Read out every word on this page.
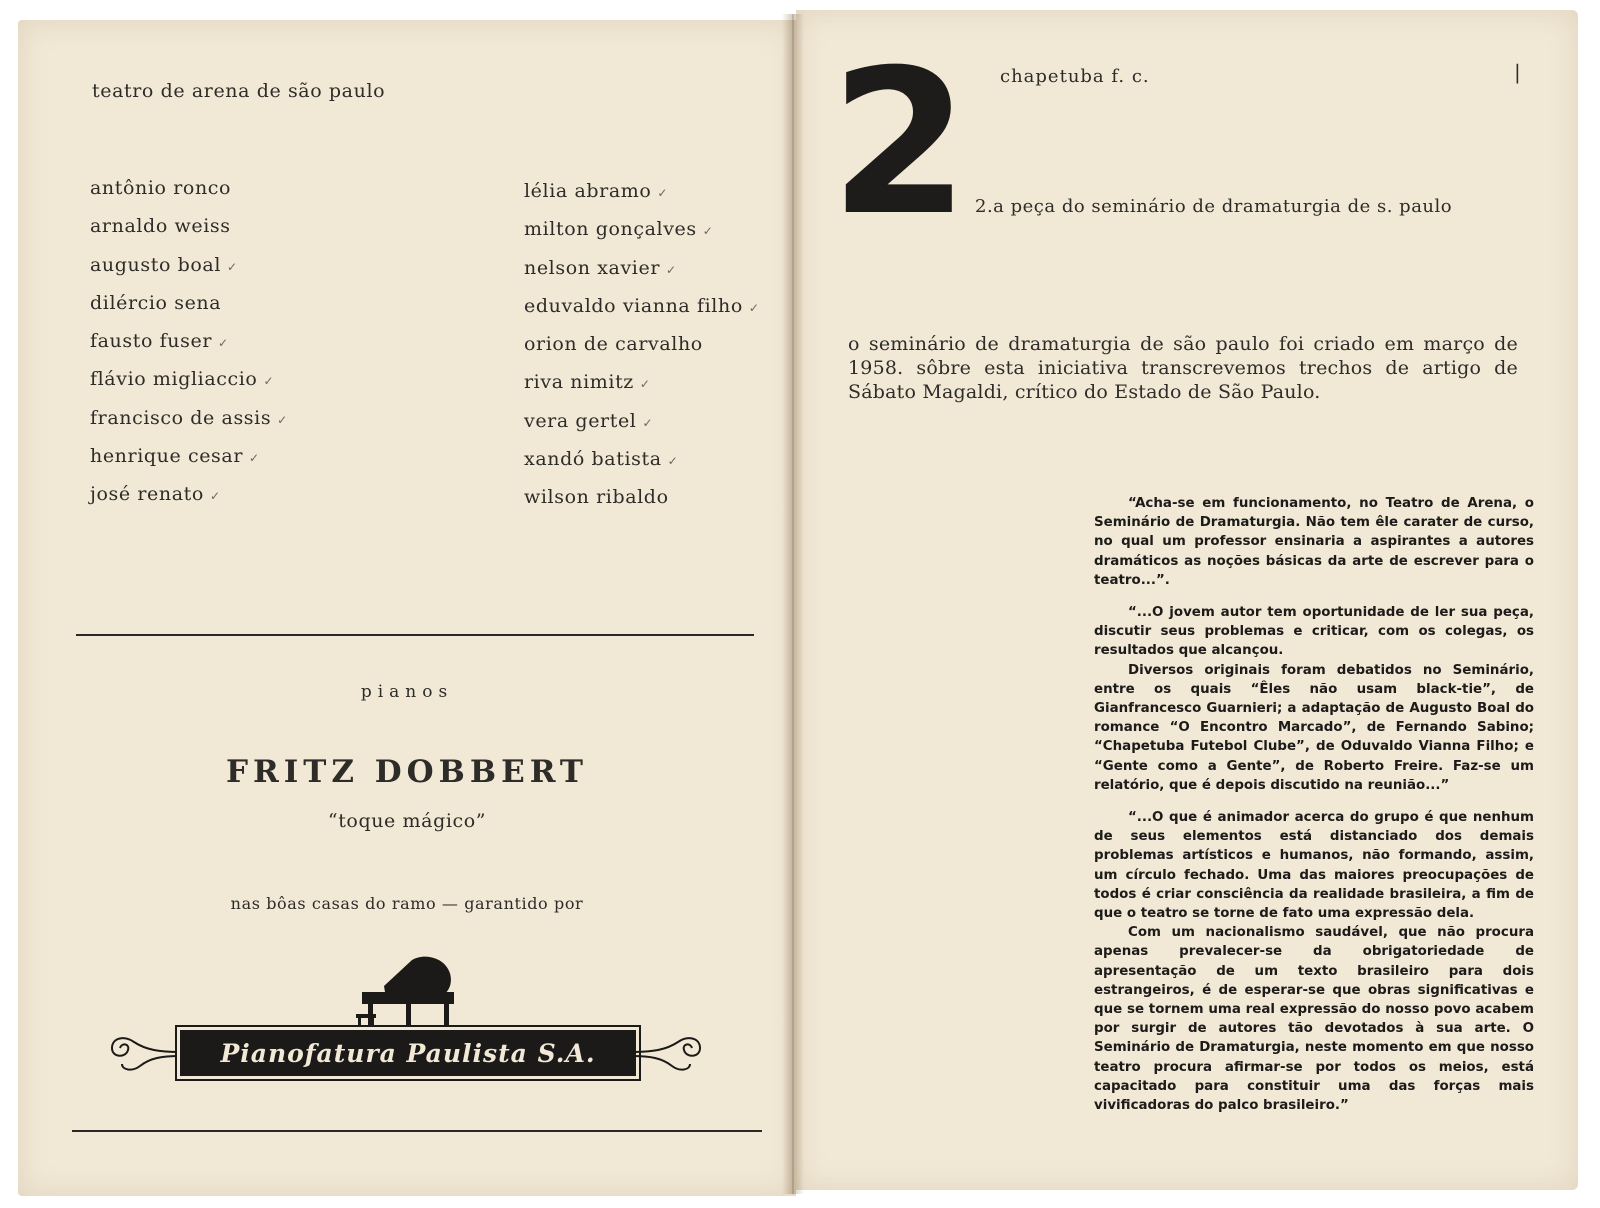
teatro de arena de são paulo
antônio ronco
arnaldo weiss
augusto boal ✓
dilércio sena
fausto fuser ✓
flávio migliaccio ✓
francisco de assis ✓
henrique cesar ✓
josé renato ✓
lélia abramo ✓
milton gonçalves ✓
nelson xavier ✓
eduvaldo vianna filho ✓
orion de carvalho
riva nimitz ✓
vera gertel ✓
xandó batista ✓
wilson ribaldo
pianos
FRITZ DOBBERT
“toque mágico”
nas bôas casas do ramo — garantido por
Pianofatura Paulista S.A.
2 chapetuba f. c.	|
2.a peça do seminário de dramaturgia de s. paulo
o seminário de dramaturgia de são paulo foi criado em março de 1958. sôbre esta iniciativa transcrevemos trechos de artigo de Sábato Magaldi, crítico do Estado de São Paulo.

“Acha-se em funcionamento, no Teatro de Arena, o Seminário de Dramaturgia. Não tem êle carater de curso, no qual um professor ensinaria a aspirantes a autores dramáticos as noções básicas da arte de escrever para o teatro...”.

“...O jovem autor tem oportunidade de ler sua peça, discutir seus problemas e criticar, com os colegas, os resultados que alcançou.

Diversos originais foram debatidos no Seminário, entre os quais “Êles não usam black-tie”, de Gianfrancesco Guarnieri; a adaptação de Augusto Boal do romance “O Encontro Marcado”, de Fernando Sabino; “Chapetuba Futebol Clube”, de Oduvaldo Vianna Filho; e “Gente como a Gente”, de Roberto Freire. Faz-se um relatório, que é depois discutido na reunião...”

“...O que é animador acerca do grupo é que nenhum de seus elementos está distanciado dos demais problemas artísticos e humanos, não formando, assim, um círculo fechado. Uma das maiores preocupações de todos é criar consciência da realidade brasileira, a fim de que o teatro se torne de fato uma expressão dela.

Com um nacionalismo saudável, que não procura apenas prevalecer-se da obrigatoriedade de apresentação de um texto brasileiro para dois estrangeiros, é de esperar-se que obras significativas e que se tornem uma real expressão do nosso povo acabem por surgir de autores tão devotados à sua arte. O Seminário de Dramaturgia, neste momento em que nosso teatro procura afirmar-se por todos os meios, está capacitado para constituir uma das forças mais vivificadoras do palco brasileiro.”
